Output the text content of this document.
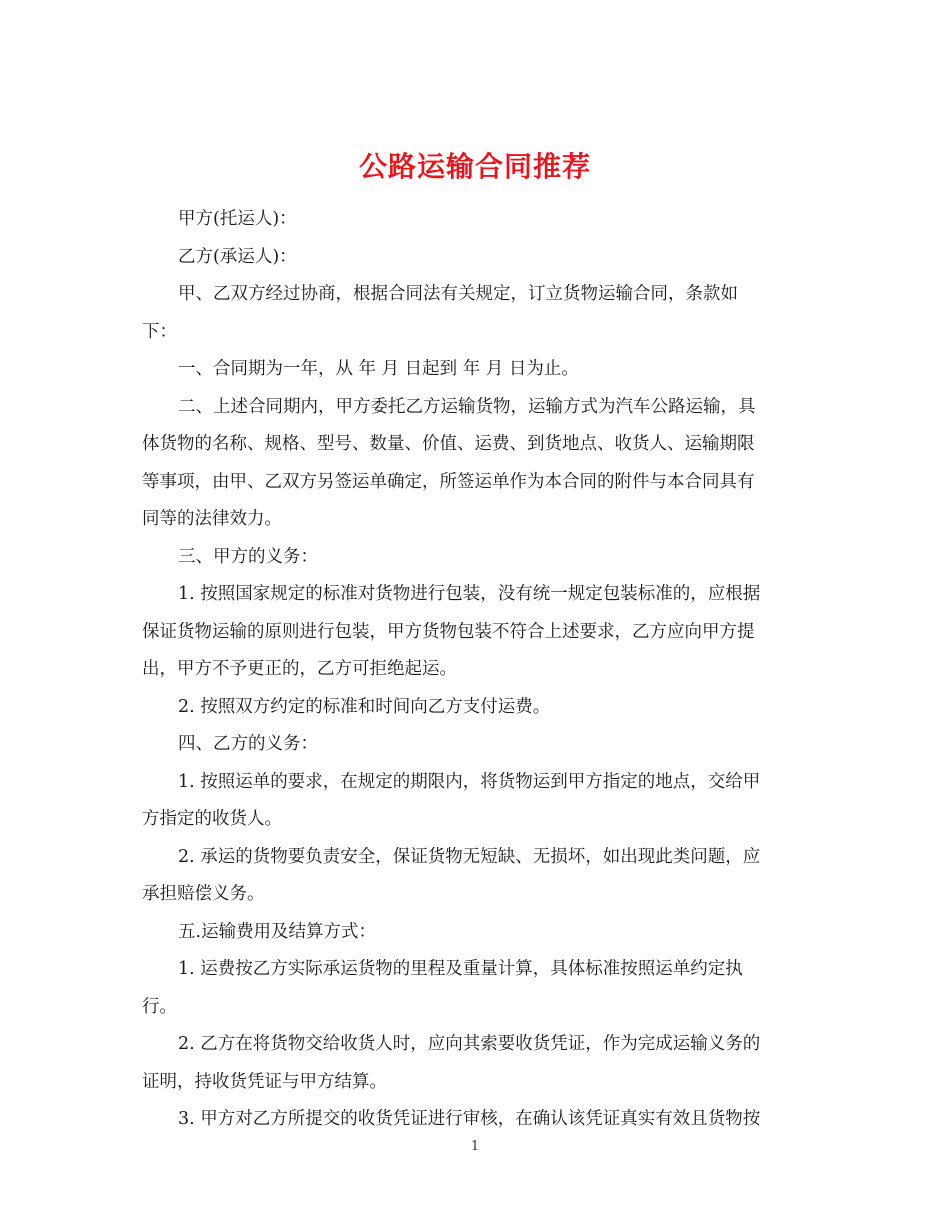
公路运输合同推荐

甲方(托运人)：

乙方(承运人)：

甲、乙双方经过协商，根据合同法有关规定，订立货物运输合同，条款如
下：

一、合同期为一年，从 年 月 日起到 年 月 日为止。

二、上述合同期内，甲方委托乙方运输货物，运输方式为汽车公路运输，具
体货物的名称、规格、型号、数量、价值、运费、到货地点、收货人、运输期限
等事项，由甲、乙双方另签运单确定，所签运单作为本合同的附件与本合同具有
同等的法律效力。

三、甲方的义务：

1. 按照国家规定的标准对货物进行包装，没有统一规定包装标准的，应根据
保证货物运输的原则进行包装，甲方货物包装不符合上述要求，乙方应向甲方提
出，甲方不予更正的，乙方可拒绝起运。

2. 按照双方约定的标准和时间向乙方支付运费。

四、乙方的义务：

1. 按照运单的要求，在规定的期限内，将货物运到甲方指定的地点，交给甲
方指定的收货人。

2. 承运的货物要负责安全，保证货物无短缺、无损坏，如出现此类问题，应
承担赔偿义务。

五.运输费用及结算方式：

1. 运费按乙方实际承运货物的里程及重量计算，具体标准按照运单约定执
行。

2. 乙方在将货物交给收货人时，应向其索要收货凭证，作为完成运输义务的
证明，持收货凭证与甲方结算。

3. 甲方对乙方所提交的收货凭证进行审核，在确认该凭证真实有效且货物按

1
